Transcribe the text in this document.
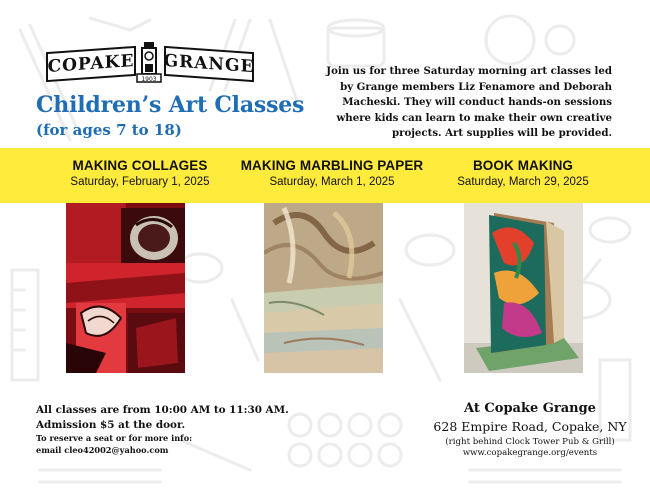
COPAKE
1903
GRANGE
Children’s Art Classes
(for ages 7 to 18)
Join us for three Saturday morning art classes led by Grange members Liz Fenamore and Deborah Macheski. They will conduct hands-on sessions where kids can learn to make their own creative projects. Art supplies will be provided.
MAKING COLLAGES
Saturday, February 1, 2025
MAKING MARBLING PAPER
Saturday, March 1, 2025
BOOK MAKING
Saturday, March 29, 2025
All classes are from 10:00 AM to 11:30 AM.
Admission $5 at the door.
To reserve a seat or for more info:
email cleo42002@yahoo.com
At Copake Grange
628 Empire Road, Copake, NY
(right behind Clock Tower Pub & Grill)
www.copakegrange.org/events
